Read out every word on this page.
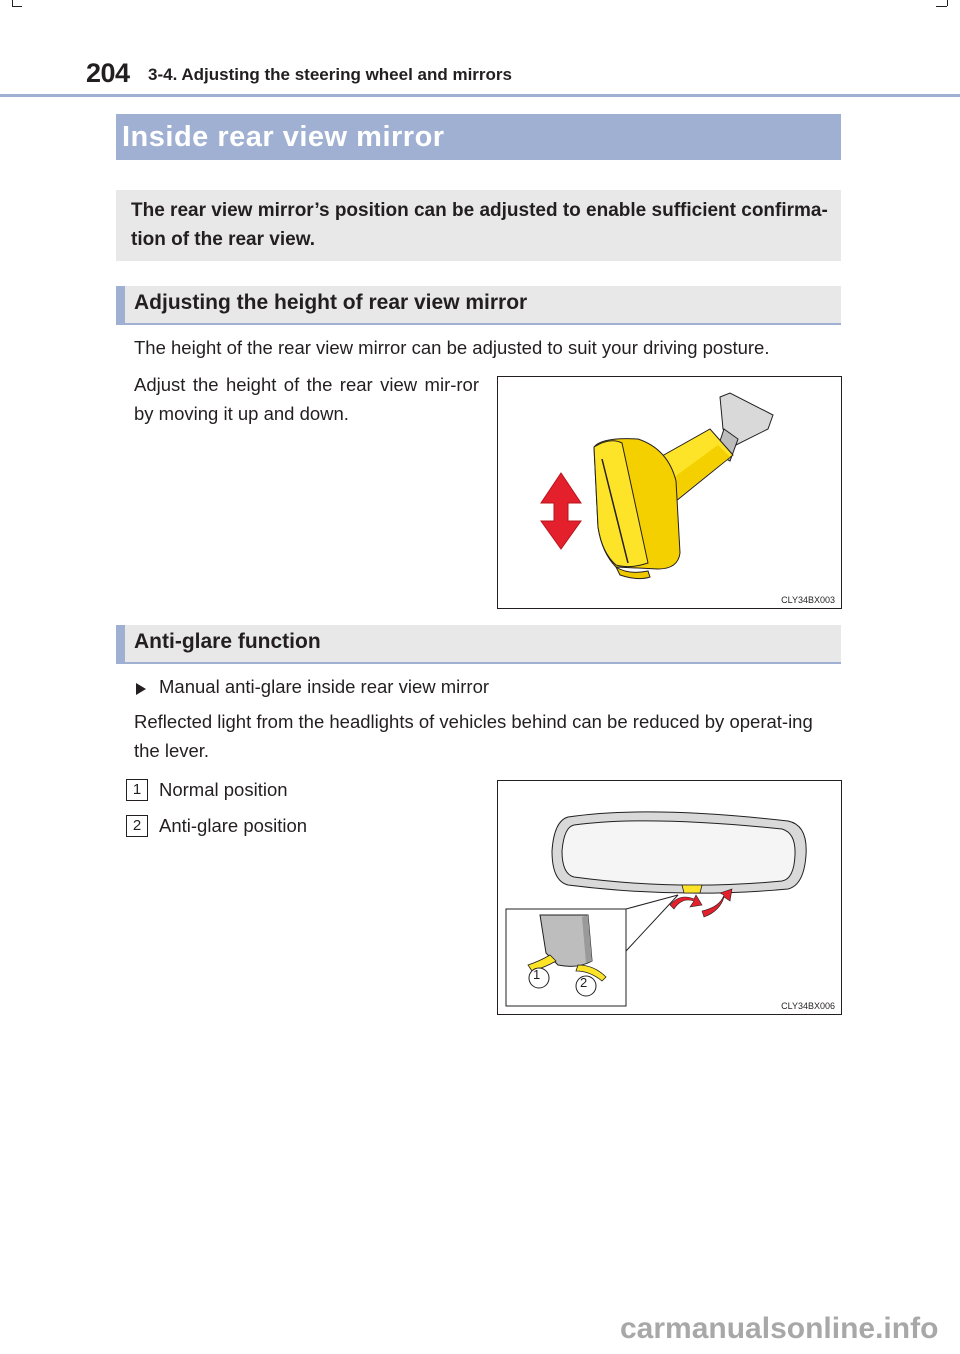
204 3-4. Adjusting the steering wheel and mirrors
Inside rear view mirror
The rear view mirror’s position can be adjusted to enable sufficient confirma-tion of the rear view.
Adjusting the height of rear view mirror
The height of the rear view mirror can be adjusted to suit your driving posture.
Adjust the height of the rear view mir-ror by moving it up and down.
CLY34BX003
Anti-glare function
Manual anti-glare inside rear view mirror
Reflected light from the headlights of vehicles behind can be reduced by operat-ing the lever.
1 Normal position
2 Anti-glare position
1
2
CLY34BX006
carmanualsonline.info
